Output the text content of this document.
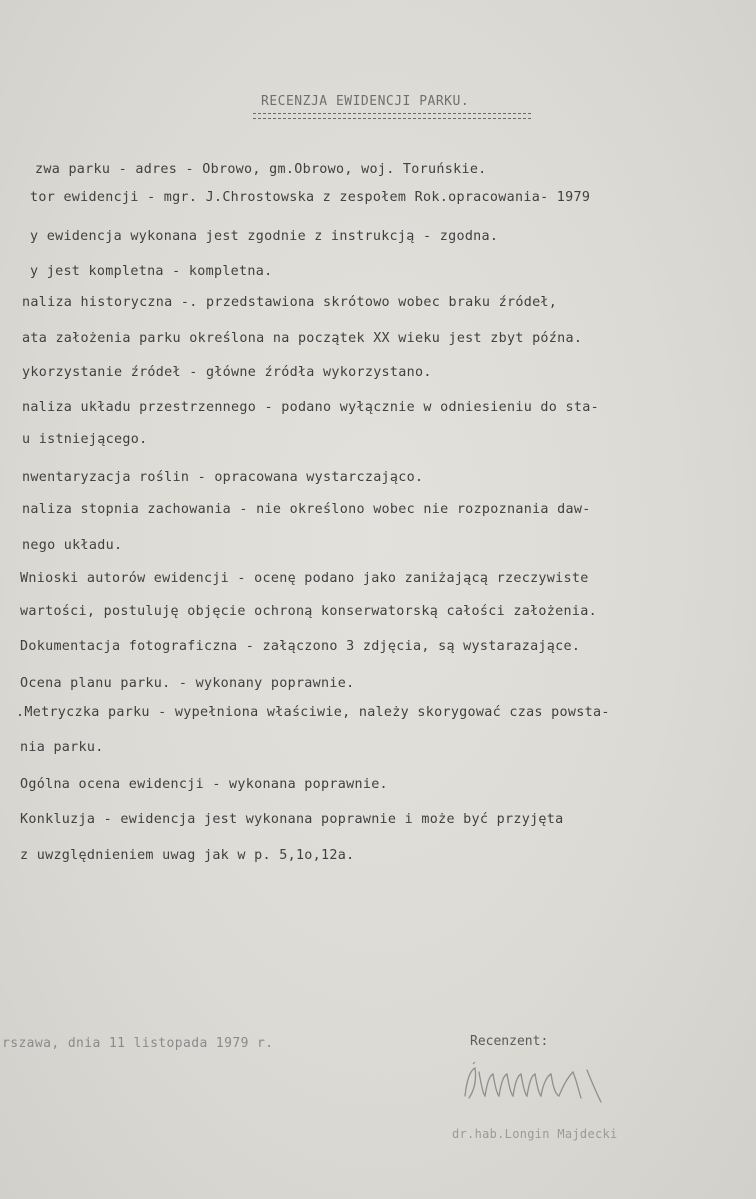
RECENZJA EWIDENCJI PARKU.
zwa parku - adres - Obrowo, gm.Obrowo, woj. Toruńskie.
tor ewidencji - mgr. J.Chrostowska z zespołem Rok.opracowania- 1979
y ewidencja wykonana jest zgodnie z instrukcją - zgodna.
y jest kompletna - kompletna.
naliza historyczna -. przedstawiona skrótowo wobec braku źródeł,
ata założenia parku określona na początek XX wieku jest zbyt późna.
ykorzystanie źródeł - główne źródła wykorzystano.
naliza układu przestrzennego - podano wyłącznie w odniesieniu do sta-
u istniejącego.
nwentaryzacja roślin - opracowana wystarczająco.
naliza stopnia zachowania - nie określono wobec nie rozpoznania daw-
nego układu.
Wnioski autorów ewidencji - ocenę podano jako zaniżającą rzeczywiste
wartości, postuluję objęcie ochroną konserwatorską całości założenia.
Dokumentacja fotograficzna - załączono 3 zdjęcia, są wystarazające.
Ocena planu parku. - wykonany poprawnie.
.Metryczka parku - wypełniona właściwie, należy skorygować czas powsta-
nia parku.
Ogólna ocena ewidencji - wykonana poprawnie.
Konkluzja - ewidencja jest wykonana poprawnie i może być przyjęta
z uwzględnieniem uwag jak w p. 5,1o,12a.
rszawa, dnia 11 listopada 1979 r.	Recenzent:
dr.hab.Longin Majdecki
